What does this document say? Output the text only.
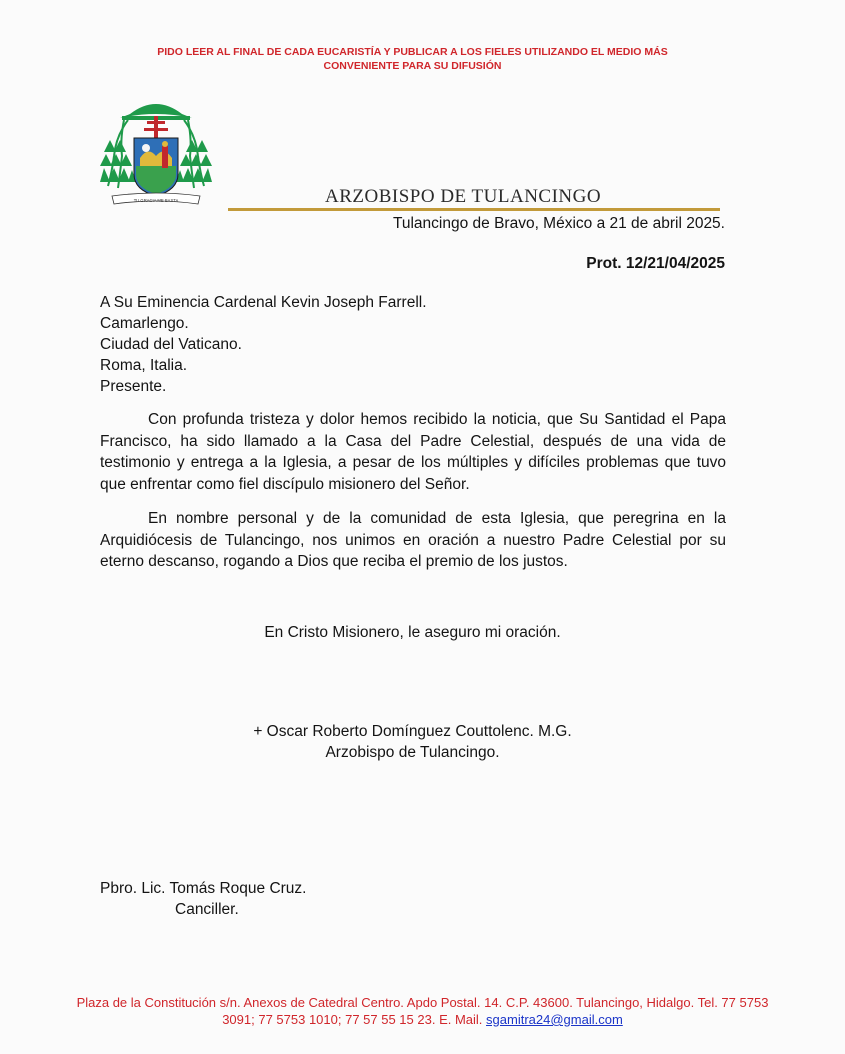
PIDO LEER AL FINAL DE CADA EUCARISTÍA Y PUBLICAR A LOS FIELES UTILIZANDO EL MEDIO MÁS CONVENIENTE PARA SU DIFUSIÓN
TU GRACIA ME BASTA	ARZOBISPO DE TULANCINGO
Tulancingo de Bravo, México a 21 de abril 2025.
Prot. 12/21/04/2025
A Su Eminencia Cardenal Kevin Joseph Farrell.
Camarlengo.
Ciudad del Vaticano.
Roma, Italia.
Presente.
Con profunda tristeza y dolor hemos recibido la noticia, que Su Santidad el Papa Francisco, ha sido llamado a la Casa del Padre Celestial, después de una vida de testimonio y entrega a la Iglesia, a pesar de los múltiples y difíciles problemas que tuvo que enfrentar como fiel discípulo misionero del Señor.
En nombre personal y de la comunidad de esta Iglesia, que peregrina en la Arquidiócesis de Tulancingo, nos unimos en oración a nuestro Padre Celestial por su eterno descanso, rogando a Dios que reciba el premio de los justos.
En Cristo Misionero, le aseguro mi oración.
+ Oscar Roberto Domínguez Couttolenc. M.G.
Arzobispo de Tulancingo.
Pbro. Lic. Tomás Roque Cruz.
Canciller.
Plaza de la Constitución s/n. Anexos de Catedral Centro. Apdo Postal. 14. C.P. 43600. Tulancingo, Hidalgo. Tel. 77 5753 3091; 77 5753 1010; 77 57 55 15 23. E. Mail. sgamitra24@gmail.com
